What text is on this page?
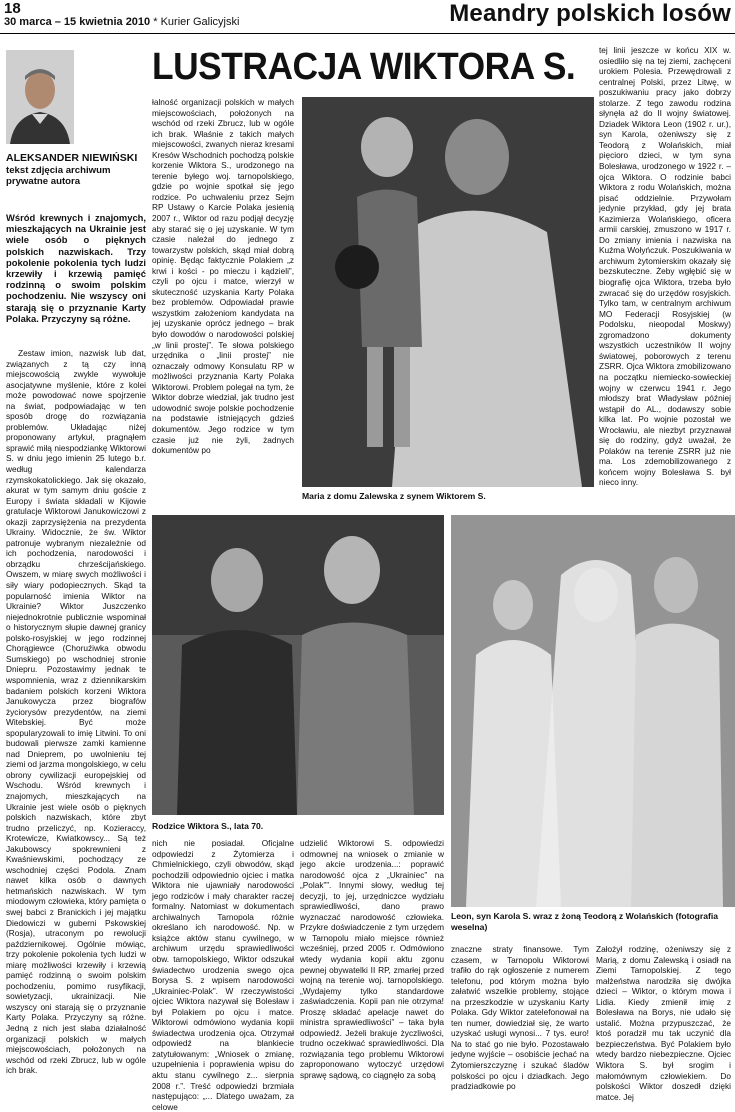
18
30 marca – 15 kwietnia 2010 * Kurier Galicyjski	Meandry polskich losów
LUSTRACJA WIKTORA S.
ALEKSANDER NIEWIŃSKI
tekst zdjęcia archiwum prywatne autora
Wśród krewnych i znajomych, mieszkających na Ukrainie jest wiele osób o pięknych polskich nazwiskach. Trzy pokolenie pokolenia tych ludzi krzewiły i krzewią pamięć rodzinną o swoim polskim pochodzeniu. Nie wszyscy oni starają się o przyznanie Karty Polaka. Przyczyny są różne.

Zestaw imion, nazwisk lub dat, związanych z tą czy inną miejscowością zwykle wywołuje asocjatywne myślenie, które z kolei może powodować nowe spojrzenie na świat, podpowiadając w ten sposób drogę do rozwiązania problemów. Układając niżej proponowany artykuł, pragnąłem sprawić miłą niespodziankę Wiktorowi S. w dniu jego imienin 25 lutego b.r. według kalendarza rzymskokatolickiego. Jak się okazało, akurat w tym samym dniu goście z Europy i świata składali w Kijowie gratulacje Wiktorowi Janukowiczowi z okazji zaprzysiężenia na prezydenta Ukrainy. Widocznie, że św. Wiktor patronuje wybranym niezależnie od ich pochodzenia, narodowości i obrządku chrześcijańskiego. Owszem, w miarę swych możliwości i siły wiary podopiecznych. Skąd ta popularność imienia Wiktor na Ukrainie? Wiktor Juszczenko niejednokrotnie publicznie wspominał o historycznym słupie dawnej granicy polsko-rosyjskiej w jego rodzinnej Chorągiewce (Choruźiwka obwodu Sumskiego) po wschodniej stronie Dniepru. Pozostawimy jednak te wspomnienia, wraz z dziennikarskim badaniem polskich korzeni Wiktora Janukowycza przez biografów życiorysów prezydentów, na ziemi Witebskiej. Być może spopularyzowali to imię Litwini. To oni budowali pierwsze zamki kamienne nad Dnieprem, po uwolnieniu tej ziemi od jarzma mongolskiego, w celu obrony cywilizacji europejskiej od Wschodu. Wśród krewnych i znajomych, mieszkających na Ukrainie jest wiele osób o pięknych polskich nazwiskach, które zbyt trudno przeliczyć, np. Kozieraccy, Krotewicze, Kwiatkowscy... Są też Jakubowscy spokrewnieni z Kwaśniewskimi, pochodzący ze wschodniej części Podola. Znam nawet kilka osób o dawnych hetmańskich nazwiskach. W tym miodowym człowieka, który pamięta o swej babci z Branickich i jej majątku Diedowiczi w guberni Pskowskiej (Rosja), utraconym po rewolucji październikowej. Ogólnie mówiąc, trzy pokolenie pokolenia tych ludzi w miarę możliwości krzewiły i krzewią pamięć rodzinną o swoim polskim pochodzeniu, pomimo rusyfikacji, sowietyzacji, ukrainizacji. Nie wszyscy oni starają się o przyznanie Karty Polaka. Przyczyny są różne. Jedną z nich jest słaba działalność organizacji polskich w małych miejscowościach, położonych na wschód od rzeki Zbrucz, lub w ogóle ich brak.

łalność organizacji polskich w małych miejscowościach, położonych na wschód od rzeki Zbrucz, lub w ogóle ich brak. Właśnie z takich małych miejscowości, zwanych nieraz kresami Kresów Wschodnich pochodzą polskie korzenie Wiktora S., urodzonego na terenie byłego woj. tarnopolskiego, gdzie po wojnie spotkał się jego rodzice. Po uchwaleniu przez Sejm RP Ustawy o Karcie Polaka jesienią 2007 r., Wiktor od razu podjął decyzję aby starać się o jej uzyskanie. W tym czasie należał do jednego z towarzystw polskich, skąd miał dobrą opinię. Będąc faktycznie Polakiem „z krwi i kości - po mieczu i kądzieli”, czyli po ojcu i matce, wierzył w skuteczność uzyskania Karty Polaka bez problemów. Odpowiadał prawie wszystkim założeniom kandydata na jej uzyskanie oprócz jednego – brak było dowodów o narodowości polskiej „w linii prostej”. Te słowa polskiego urzędnika o „linii prostej” nie oznaczały odmowy Konsulatu RP w możliwości przyznania Karty Polaka Wiktorowi. Problem polegał na tym, że Wiktor dobrze wiedział, jak trudno jest udowodnić swoje polskie pochodzenie na podstawie istniejących gdzieś dokumentów. Jego rodzice w tym czasie już nie żyli, żadnych dokumentów po

Maria z domu Zalewska z synem Wiktorem S.

tej linii jeszcze w końcu XIX w. osiedliło się na tej ziemi, zachęceni urokiem Polesia. Przewędrowali z centralnej Polski, przez Litwę, w poszukiwaniu pracy jako dobrzy stolarze. Z tego zawodu rodzina słynęła aż do II wojny światowej. Dziadek Wiktora Leon (1902 r. ur.), syn Karola, ożeniwszy się z Teodorą z Wolańskich, miał pięcioro dzieci, w tym syna Bolesława, urodzonego w 1922 r. – ojca Wiktora. O rodzinie babci Wiktora z rodu Wolańskich, można pisać oddzielnie. Przywołam jedynie przykład, gdy jej brata Kazimierza Wolańskiego, oficera armii carskiej, zmuszono w 1917 r. Do zmiany imienia i nazwiska na Kuźma Wołyńczuk. Poszukiwania w archiwum żytomierskim okazały się bezskuteczne. Żeby wgłębić się w biografię ojca Wiktora, trzeba było zwracać się do urzędów rosyjskich. Tylko tam, w centralnym archiwum MO Federacji Rosyjskiej (w Podolsku, nieopodal Moskwy) zgromadzono dokumenty wszystkich uczestników II wojny światowej, poborowych z terenu ZSRR. Ojca Wiktora zmobilizowano na początku niemiecko-sowieckiej wojny w czerwcu 1941 r. Jego młodszy brat Władysław później wstąpił do AL., dodawszy sobie kilka lat. Po wojnie pozostał we Wrocławiu, ale niezbyt przyznawał się do rodziny, gdyż uważał, że Polaków na terenie ZSRR już nie ma. Los zdemobilizowanego z końcem wojny Bolesława S. był nieco inny.

Rodzice Wiktora S., lata 70.
Leon, syn Karola S. wraz z żoną Teodorą z Wolańskich (fotografia weselna)

nich nie posiadał. Oficjalne odpowiedzi z Żytomierza i Chmielnickiego, czyli obwodów, skąd pochodzili odpowiednio ojciec i matka Wiktora nie ujawniały narodowości jego rodziców i mały charakter raczej formalny. Natomiast w dokumentach archiwalnych Tarnopola różnie określano ich narodowość. Np. w książce aktów stanu cywilnego, w archiwum urzędu sprawiedliwości obw. tarnopolskiego, Wiktor odszukał świadectwo urodzenia swego ojca Borysa S. z wpisem narodowości „Ukrainiec-Polak”. W rzeczywistości ojciec Wiktora nazywał się Bolesław i był Polakiem po ojcu i matce. Wiktorowi odmówiono wydania kopii świadectwa urodzenia ojca. Otrzymał odpowiedź na blankiecie zatytułowanym: „Wniosek o zmianę, uzupełnienia i poprawienia wpisu do aktu stanu cywilnego z... sierpnia 2008 r.”. Treść odpowiedzi brzmiała następująco: „... Dlatego uważam, za celowe

udzielić Wiktorowi S. odpowiedzi odmownej na wniosek o zmianie w jego akcie urodzenia...: poprawić narodowość ojca z „Ukrainiec” na „Polak””. Innymi słowy, według tej decyzji, to jej, urzędniczce wydziału sprawiedliwości, dano prawo wyznaczać narodowość człowieka. Przykre doświadczenie z tym urzędem w Tarnopolu miało miejsce również wcześniej, przed 2005 r. Odmówiono wtedy wydania kopii aktu zgonu pewnej obywatelki II RP, zmarłej przed wojną na terenie woj. tarnopolskiego. „Wydajemy tylko standardowe zaświadczenia. Kopii pan nie otrzyma! Proszę składać apelacje nawet do ministra sprawiedliwości” – taka była odpowiedź. Jeżeli brakuje życzliwości, trudno oczekiwać sprawiedliwości. Dla rozwiązania tego problemu Wiktorowi zaproponowano wytoczyć urzędowi sprawę sądową, co ciągnęło za sobą

znaczne straty finansowe. Tym czasem, w Tarnopolu Wiktorowi trafiło do rąk ogłoszenie z numerem telefonu, pod którym można było załatwić wszelkie problemy, stojące na przeszkodzie w uzyskaniu Karty Polaka. Gdy Wiktor zatelefonował na ten numer, dowiedział się, że warto uzyskać usługi wynosi... 7 tys. euro! Na to stać go nie było. Pozostawało jedyne wyjście – osobiście jechać na Żytomierszczyznę i szukać śladów polskości po ojcu i dziadkach. Jego pradziadkowie po

Założył rodzinę, ożeniwszy się z Marią, z domu Zalewską i osiadł na Ziemi Tarnopolskiej. Z tego małżeństwa narodziła się dwójka dzieci – Wiktor, o którym mowa i Lidia. Kiedy zmienił imię z Bolesława na Borys, nie udało się ustalić. Można przypuszczać, że ktoś poradził mu tak uczynić dla bezpieczeństwa. Być Polakiem było wtedy bardzo niebezpieczne. Ojciec Wiktora S. był srogim i małomównym człowiekiem. Do polskości Wiktor doszedł dzięki matce. Jej
